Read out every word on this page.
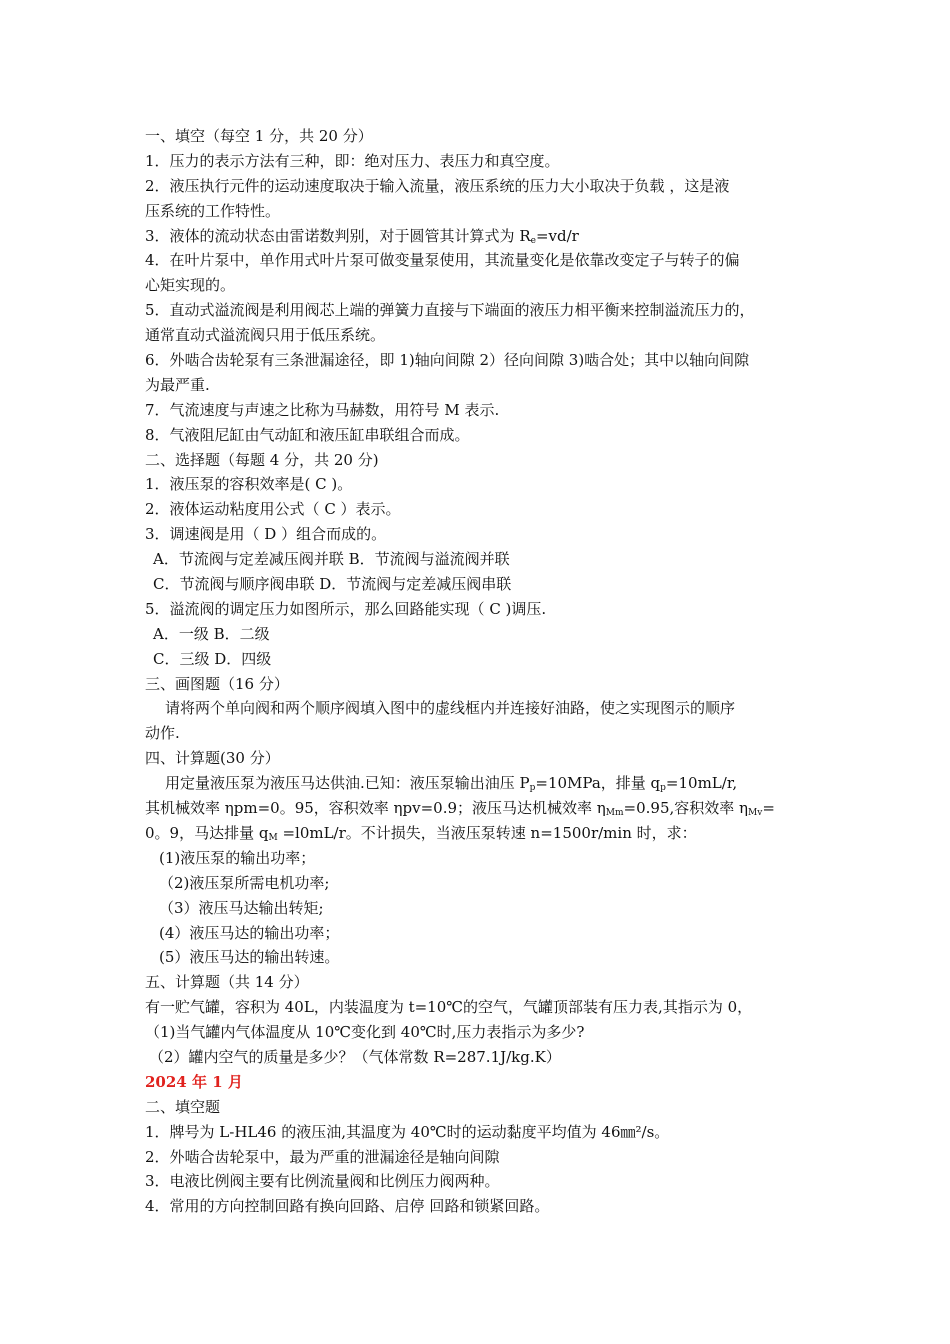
一、填空（每空 1 分，共 20 分）
1．压力的表示方法有三种，即：绝对压力、表压力和真空度。
2．液压执行元件的运动速度取决于输入流量，液压系统的压力大小取决于负载 ，这是液
压系统的工作特性。
3．液体的流动状态由雷诺数判别，对于圆管其计算式为 $R_e=vd/r$
4．在叶片泵中，单作用式叶片泵可做变量泵使用，其流量变化是依靠改变定子与转子的偏
心矩实现的。
5．直动式溢流阀是利用阀芯上端的弹簧力直接与下端面的液压力相平衡来控制溢流压力的，
通常直动式溢流阀只用于低压系统。
6．外啮合齿轮泵有三条泄漏途径，即 1)轴向间隙 2）径向间隙 3)啮合处；其中以轴向间隙
为最严重.
7．气流速度与声速之比称为马赫数，用符号 M 表示.
8．气液阻尼缸由气动缸和液压缸串联组合而成。
二、选择题（每题 4 分，共 20 分)
1．液压泵的容积效率是( C )。
2．液体运动粘度用公式（ C ）表示。
3．调速阀是用（ D ）组合而成的。
A．节流阀与定差减压阀并联 B．节流阀与溢流阀并联
C．节流阀与顺序阀串联 D．节流阀与定差减压阀串联
5．溢流阀的调定压力如图所示，那么回路能实现（ C )调压.
A．一级 B．二级
C．三级 D．四级
三、画图题（16 分）
请将两个单向阀和两个顺序阀填入图中的虚线框内并连接好油路，使之实现图示的顺序
动作.
四、计算题(30 分）
用定量液压泵为液压马达供油.已知：液压泵输出油压 $P_p=10MPa$，排量 $q_p=10mL/r$,
其机械效率 ηpm=0。95，容积效率 ηpv=0.9；液压马达机械效率 $\eta_{Mm}=0.95$,容积效率 $\eta_{Mv}=$
0。9，马达排量 $q_M =l0mL/r$。不计损失，当液压泵转速 n=1500r/min 时，求：
(1)液压泵的输出功率；
（2)液压泵所需电机功率;
（3）液压马达输出转矩;
(4）液压马达的输出功率；
(5）液压马达的输出转速。
五、计算题（共 14 分）
有一贮气罐，容积为 40L，内装温度为 t=10℃的空气，气罐顶部装有压力表,其指示为 0，
（1)当气罐内气体温度从 10℃变化到 40℃时,压力表指示为多少?
（2）罐内空气的质量是多少？（气体常数 R=287.1J/kg.K）
2024 年 1 月
二、填空题
1．牌号为 L-HL46 的液压油,其温度为 40℃时的运动黏度平均值为 46㎜²/s。
2．外啮合齿轮泵中，最为严重的泄漏途径是轴向间隙
3．电液比例阀主要有比例流量阀和比例压力阀两种。
4．常用的方向控制回路有换向回路、启停 回路和锁紧回路。
